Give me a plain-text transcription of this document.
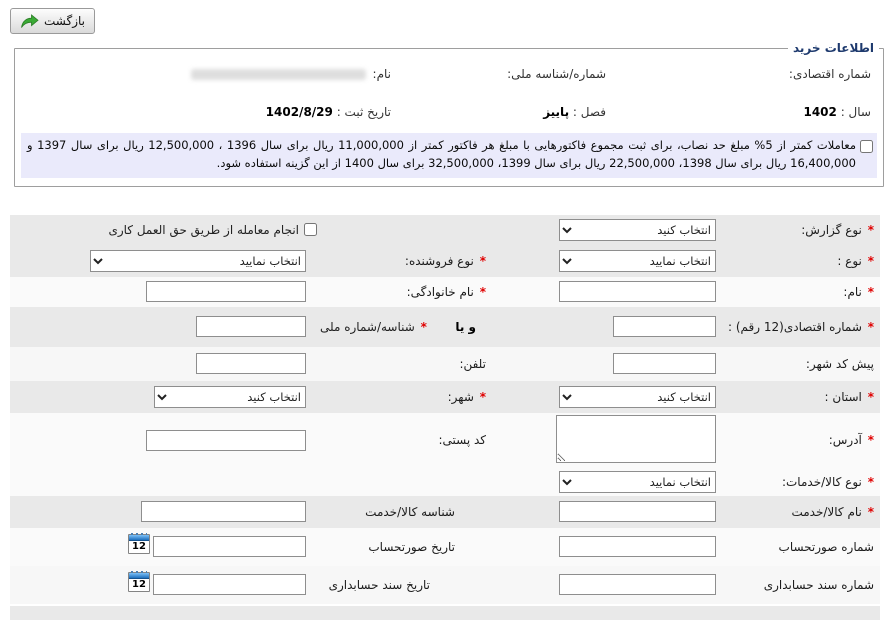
بازگشت
اطلاعات خرید
شماره اقتصادی:
شماره/شناسه ملی:
نام:
سال : 1402
فصل : پاییز
تاریخ ثبت : 1402/8/29
معاملات کمتر از 5% مبلغ حد نصاب، برای ثبت مجموع فاکتورهایی با مبلغ هر فاکتور کمتر از 11,000,000 ریال برای سال 1396 ، 12,500,000 ریال برای سال 1397 و 16,400,000 ریال برای سال 1398، 22,500,000 ریال برای سال 1399، 32,500,000 برای سال 1400 از این گزینه استفاده شود.
* نوع گزارش:
انتخاب کنید
انجام معامله از طریق حق العمل کاری
* نوع :
انتخاب نمایید
* نوع فروشنده:
انتخاب نمایید
* نام:
* نام خانوادگی:
* شماره اقتصادی(12 رقم) :
و یا
* شناسه/شماره ملی
پیش کد شهر:
تلفن:
* استان :
انتخاب کنید
* شهر:
انتخاب کنید
* آدرس:
کد پستی:
* نوع کالا/خدمات:
انتخاب نمایید
* نام کالا/خدمت
شناسه کالا/خدمت
شماره صورتحساب
تاریخ صورتحساب
12
شماره سند حسابداری
تاریخ سند حسابداری
12
